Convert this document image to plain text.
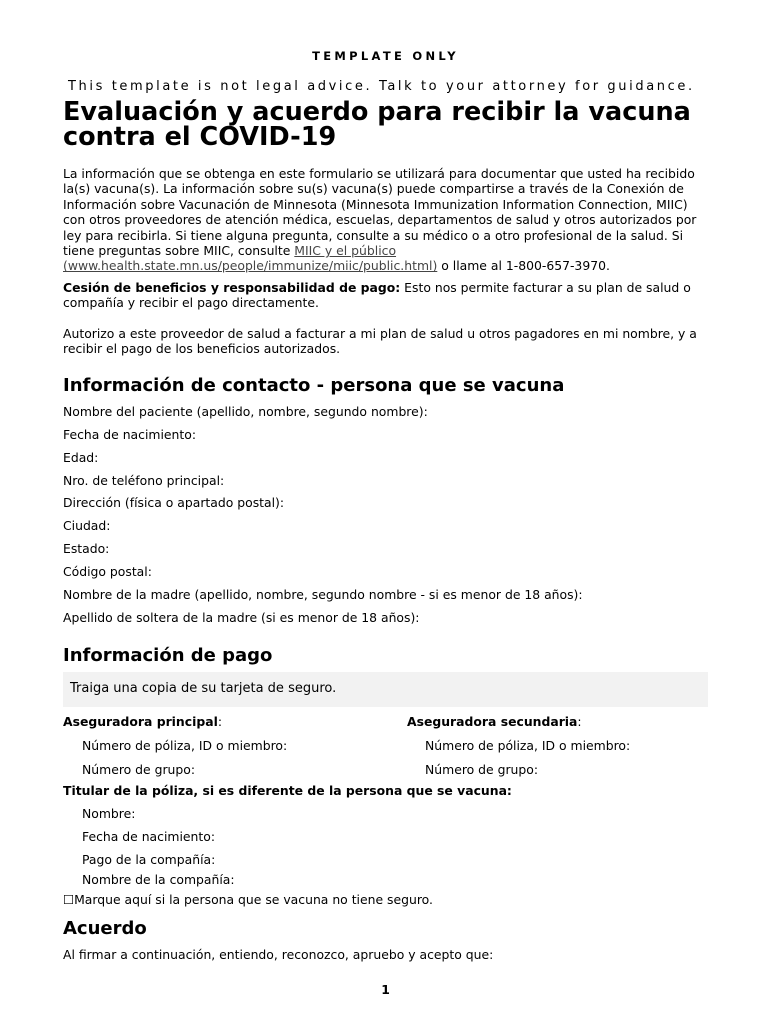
TEMPLATE ONLY
This template is not legal advice. Talk to your attorney for guidance.
Evaluación y acuerdo para recibir la vacuna contra el COVID-19
La información que se obtenga en este formulario se utilizará para documentar que usted ha recibido la(s) vacuna(s). La información sobre su(s) vacuna(s) puede compartirse a través de la Conexión de Información sobre Vacunación de Minnesota (Minnesota Immunization Information Connection, MIIC) con otros proveedores de atención médica, escuelas, departamentos de salud y otros autorizados por ley para recibirla. Si tiene alguna pregunta, consulte a su médico o a otro profesional de la salud. Si tiene preguntas sobre MIIC, consulte MIIC y el público (www.health.state.mn.us/people/immunize/miic/public.html) o llame al 1-800-657-3970.
Cesión de beneficios y responsabilidad de pago: Esto nos permite facturar a su plan de salud o compañía y recibir el pago directamente.
Autorizo a este proveedor de salud a facturar a mi plan de salud u otros pagadores en mi nombre, y a recibir el pago de los beneficios autorizados.
Información de contacto - persona que se vacuna
Nombre del paciente (apellido, nombre, segundo nombre):
Fecha de nacimiento:
Edad:
Nro. de teléfono principal:
Dirección (física o apartado postal):
Ciudad:
Estado:
Código postal:
Nombre de la madre (apellido, nombre, segundo nombre - si es menor de 18 años):
Apellido de soltera de la madre (si es menor de 18 años):
Información de pago
Traiga una copia de su tarjeta de seguro.
Aseguradora principal:	Aseguradora secundaria:
Número de póliza, ID o miembro:	Número de póliza, ID o miembro:
Número de grupo:	Número de grupo:
Titular de la póliza, si es diferente de la persona que se vacuna:
Nombre:
Fecha de nacimiento:
Pago de la compañía:
Nombre de la compañía:
☐Marque aquí si la persona que se vacuna no tiene seguro.
Acuerdo
Al firmar a continuación, entiendo, reconozco, apruebo y acepto que:
1
